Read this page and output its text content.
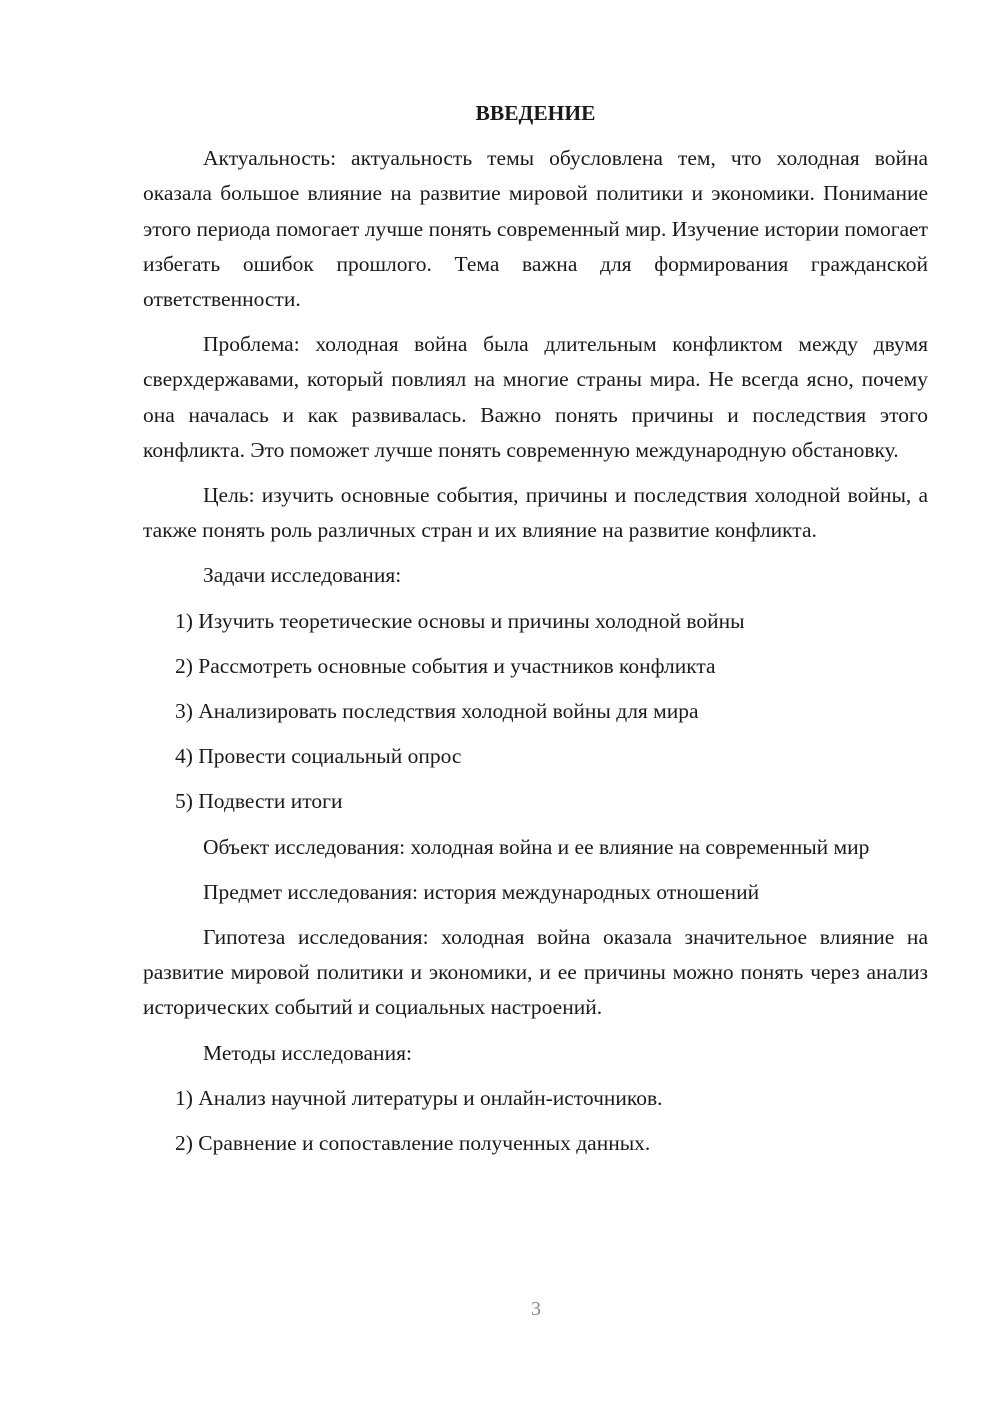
ВВЕДЕНИЕ
Актуальность: актуальность темы обусловлена тем, что холодная война оказала большое влияние на развитие мировой политики и экономики. Понимание этого периода помогает лучше понять современный мир. Изучение истории помогает избегать ошибок прошлого. Тема важна для формирования гражданской ответственности.
Проблема: холодная война была длительным конфликтом между двумя сверхдержавами, который повлиял на многие страны мира. Не всегда ясно, почему она началась и как развивалась. Важно понять причины и последствия этого конфликта. Это поможет лучше понять современную международную обстановку.
Цель: изучить основные события, причины и последствия холодной войны, а также понять роль различных стран и их влияние на развитие конфликта.
Задачи исследования:
1) Изучить теоретические основы и причины холодной войны
2) Рассмотреть основные события и участников конфликта
3) Анализировать последствия холодной войны для мира
4) Провести социальный опрос
5) Подвести итоги
Объект исследования: холодная война и ее влияние на современный мир
Предмет исследования: история международных отношений
Гипотеза исследования: холодная война оказала значительное влияние на развитие мировой политики и экономики, и ее причины можно понять через анализ исторических событий и социальных настроений.
Методы исследования:
1) Анализ научной литературы и онлайн-источников.
2) Сравнение и сопоставление полученных данных.
3
